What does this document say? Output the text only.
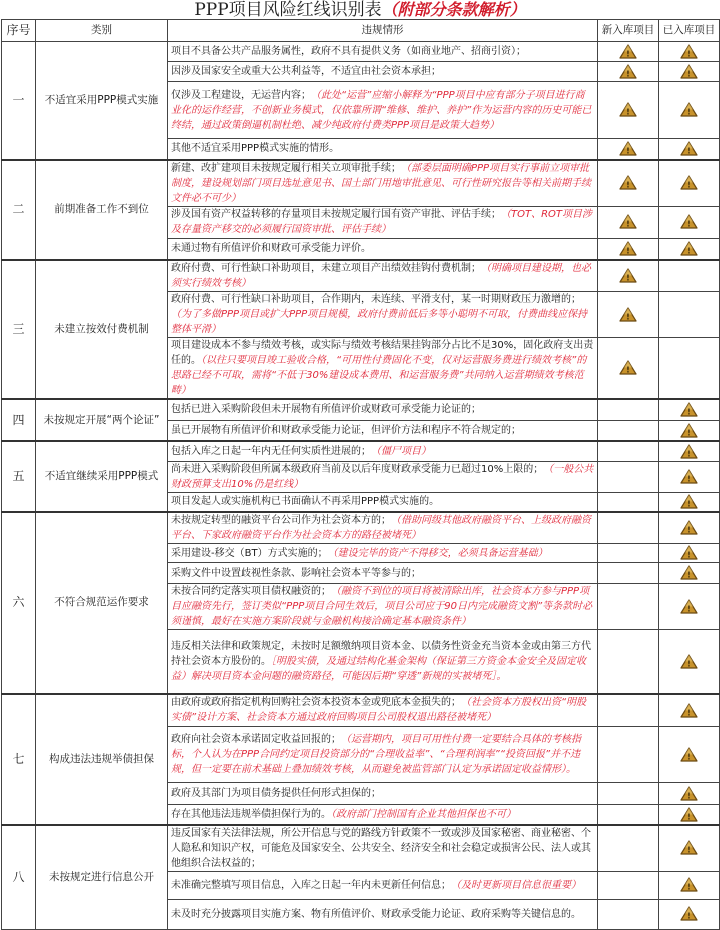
PPP项目风险红线识别表（附部分条款解析）
序号	类别	违规情形	新入库项目	已入库项目
一	不适宜采用PPP模式实施	项目不具备公共产品服务属性，政府不具有提供义务（如商业地产、招商引资）；	!	!

		因涉及国家安全或重大公共利益等，不适宜由社会资本承担；	!	!

		仅涉及工程建设，无运营内容；（此处“运营”应缩小解释为“PPP项目中应有部分子项目进行商业化的运作经营，不创新业务模式，仅依靠所谓“维修、维护、养护”作为运营内容的历史可能已终结，通过政策倒逼机制杜绝、减少纯政府付费类PPP项目是政策大趋势）	!	!

		其他不适宜采用PPP模式实施的情形。	!	!

二	前期准备工作不到位	新建、改扩建项目未按规定履行相关立项审批手续；（部委层面明确PPP项目实行事前立项审批制度，建设规划部门项目选址意见书、国土部门用地审批意见、可行性研究报告等相关前期手续文件必不可少）	!	!

		涉及国有资产权益转移的存量项目未按规定履行国有资产审批、评估手续；（TOT、ROT项目涉及存量资产移交的必须履行国资审批、评估手续）	!	!

		未通过物有所值评价和财政可承受能力评价。	!	!

三	未建立按效付费机制	政府付费、可行性缺口补助项目，未建立项目产出绩效挂钩付费机制；（明确项目建设期，也必须实行绩效考核）	!	

		政府付费、可行性缺口补助项目，合作期内，未连续、平滑支付，某一时期财政压力激增的；（为了多做PPP项目或扩大PPP项目规模，政府付费前低后多等小聪明不可取，付费曲线应保持整体平滑）	!	

		项目建设成本不参与绩效考核，或实际与绩效考核结果挂钩部分占比不足30%，固化政府支出责任的。（以往只要项目竣工验收合格，“可用性付费固化不变，仅对运营服务费进行绩效考核”的思路已经不可取，需将“不低于30%建设成本费用、和运营服务费”共同纳入运营期绩效考核范畴）	!	

四	未按规定开展“两个论证”	包括已进入采购阶段但未开展物有所值评价或财政可承受能力论证的；		!

		虽已开展物有所值评价和财政承受能力论证，但评价方法和程序不符合规定的；		!

五	不适宜继续采用PPP模式	包括入库之日起一年内无任何实质性进展的；（僵尸项目）		!

		尚未进入采购阶段但所属本级政府当前及以后年度财政承受能力已超过10%上限的；（一般公共财政预算支出10%仍是红线）		!

		项目发起人或实施机构已书面确认不再采用PPP模式实施的。		!

六	不符合规范运作要求	未按规定转型的融资平台公司作为社会资本方的；（借助同级其他政府融资平台、上级政府融资平台、下家政府融资平台作为社会资本方的路径被堵死）		!

		采用建设-移交（BT）方式实施的；（建设完毕的资产不得移交，必须具备运营基础）		!

		采购文件中设置歧视性条款、影响社会资本平等参与的；		!

		未按合同约定落实项目债权融资的；（融资不到位的项目将被清除出库，社会资本方参与PPP项目应融资先行，签订类似“PPP项目合同生效后，项目公司应于90日内完成融资文割”等条款时必须谨慎，最好在实施方案阶段就与金融机构接洽确定基本融资条件）		!

		违反相关法律和政策规定，未按时足额缴纳项目资本金、以债务性资金充当资本金或由第三方代持社会资本方股份的。［明股实债，及通过结构化基金架构（保证第三方资金本金安全及固定收益）解决项目资本金问题的融资路径，可能因后期“穿透”新规的实被堵死］。		!

七	构成违法违规举债担保	由政府或政府指定机构回购社会资本投资本金或兜底本金损失的；（社会资本方股权出资“明股实债”设计方案、社会资本方通过政府回购项目公司股权退出路径被堵死）		!

		政府向社会资本承诺固定收益回报的；（运营期内，项目可用性付费一定要结合具体的考核指标，个人认为在PPP合同约定项目投资部分的“合理收益率”、“合理利润率”“投资回报”并不违规，但一定要在前术基础上叠加绩效考核，从而避免被监管部门认定为承诺固定收益情形）。		!

		政府及其部门为项目债务提供任何形式担保的；		!

		存在其他违法违规举债担保行为的。（政府部门控制国有企业其他担保也不可）		!

八	未按规定进行信息公开	违反国家有关法律法规，所公开信息与党的路线方针政策不一致或涉及国家秘密、商业秘密、个人隐私和知识产权，可能危及国家安全、公共安全、经济安全和社会稳定或损害公民、法人或其他组织合法权益的；		!

		未准确完整填写项目信息，入库之日起一年内未更新任何信息；（及时更新项目信息很重要）		!

		未及时充分披露项目实施方案、物有所值评价、财政承受能力论证、政府采购等关键信息的。		!
